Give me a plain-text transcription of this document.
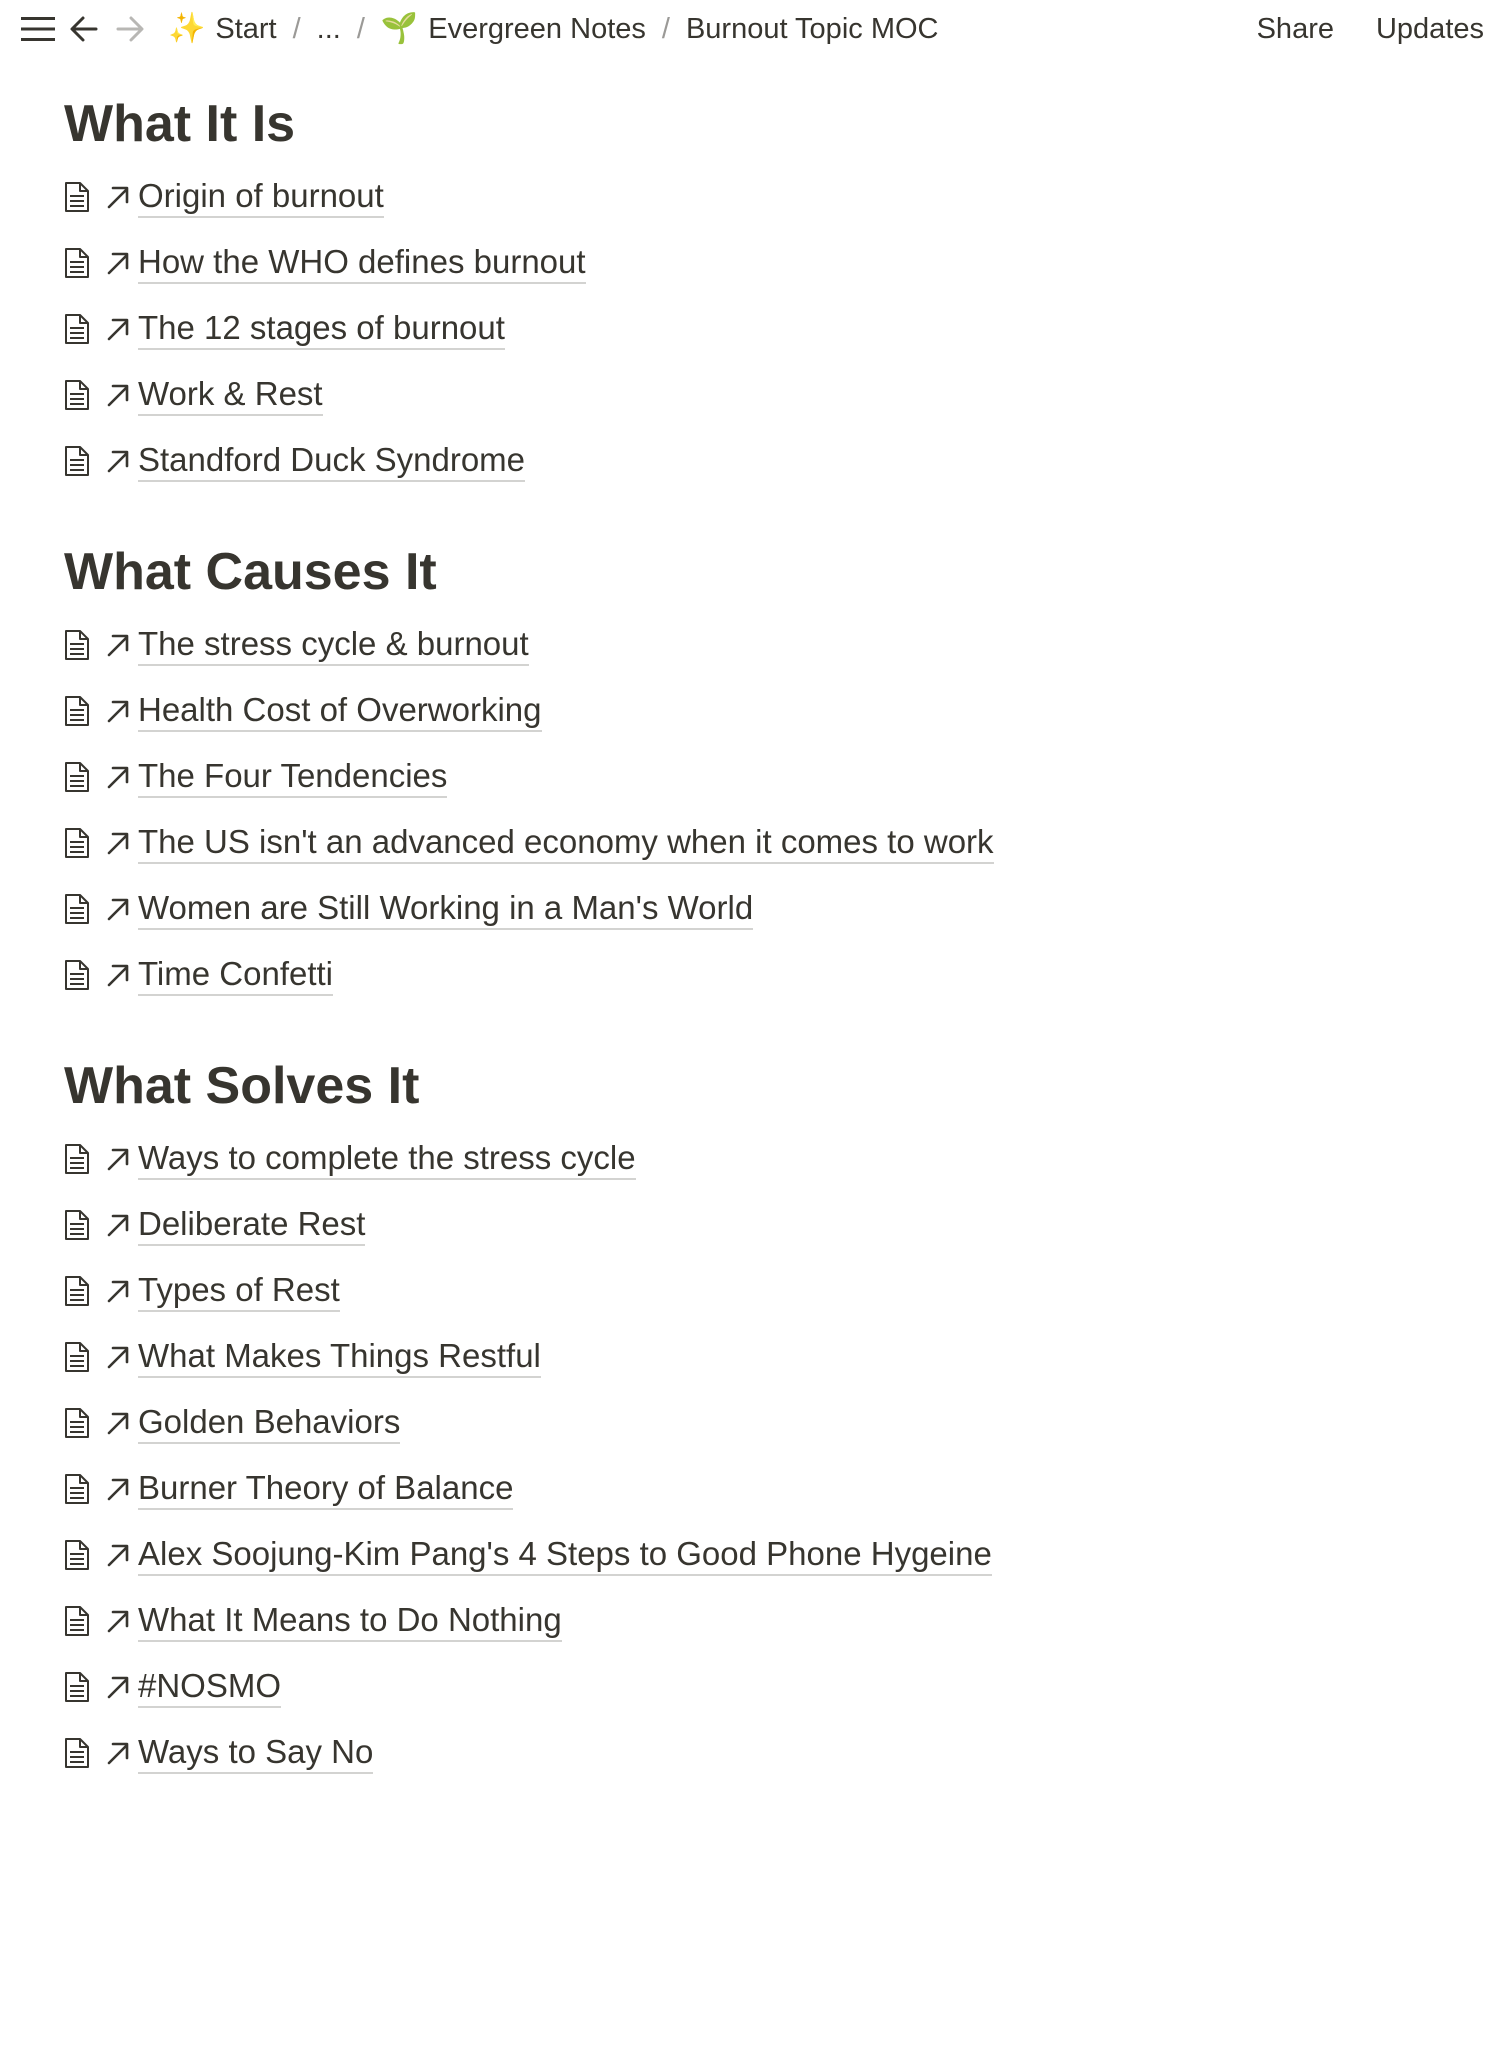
✨ Start / ... / 🌱 Evergreen Notes / Burnout Topic MOC	Share Updates
What It Is
Origin of burnout
How the WHO defines burnout
The 12 stages of burnout
Work & Rest
Standford Duck Syndrome
What Causes It
The stress cycle & burnout
Health Cost of Overworking
The Four Tendencies
The US isn't an advanced economy when it comes to work
Women are Still Working in a Man's World
Time Confetti
What Solves It
Ways to complete the stress cycle
Deliberate Rest
Types of Rest
What Makes Things Restful
Golden Behaviors
Burner Theory of Balance
Alex Soojung-Kim Pang's 4 Steps to Good Phone Hygeine
What It Means to Do Nothing
#NOSMO
Ways to Say No
